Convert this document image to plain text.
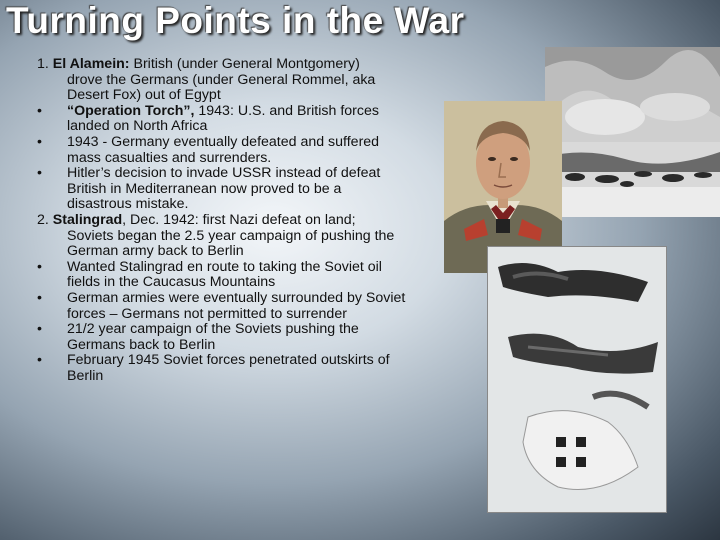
Turning Points in the War

1. El Alamein: British (under General Montgomery)

drove the Germans (under General Rommel, aka Desert Fox) out of Egypt

•	“Operation Torch”, 1943: U.S. and British forces landed on North Africa
•	1943 - Germany eventually defeated and suffered mass casualties and surrenders.
•	Hitler’s decision to invade USSR instead of defeat British in Mediterranean now proved to be a disastrous mistake.

2. Stalingrad, Dec. 1942: first Nazi defeat on land;

Soviets began the 2.5 year campaign of pushing the German army back to Berlin

•	Wanted Stalingrad en route to taking the Soviet oil fields in the Caucasus Mountains
•	German armies were eventually surrounded by Soviet forces – Germans not permitted to surrender
•	21/2 year campaign of the Soviets pushing the Germans back to Berlin
•	February 1945 Soviet forces penetrated outskirts of Berlin
